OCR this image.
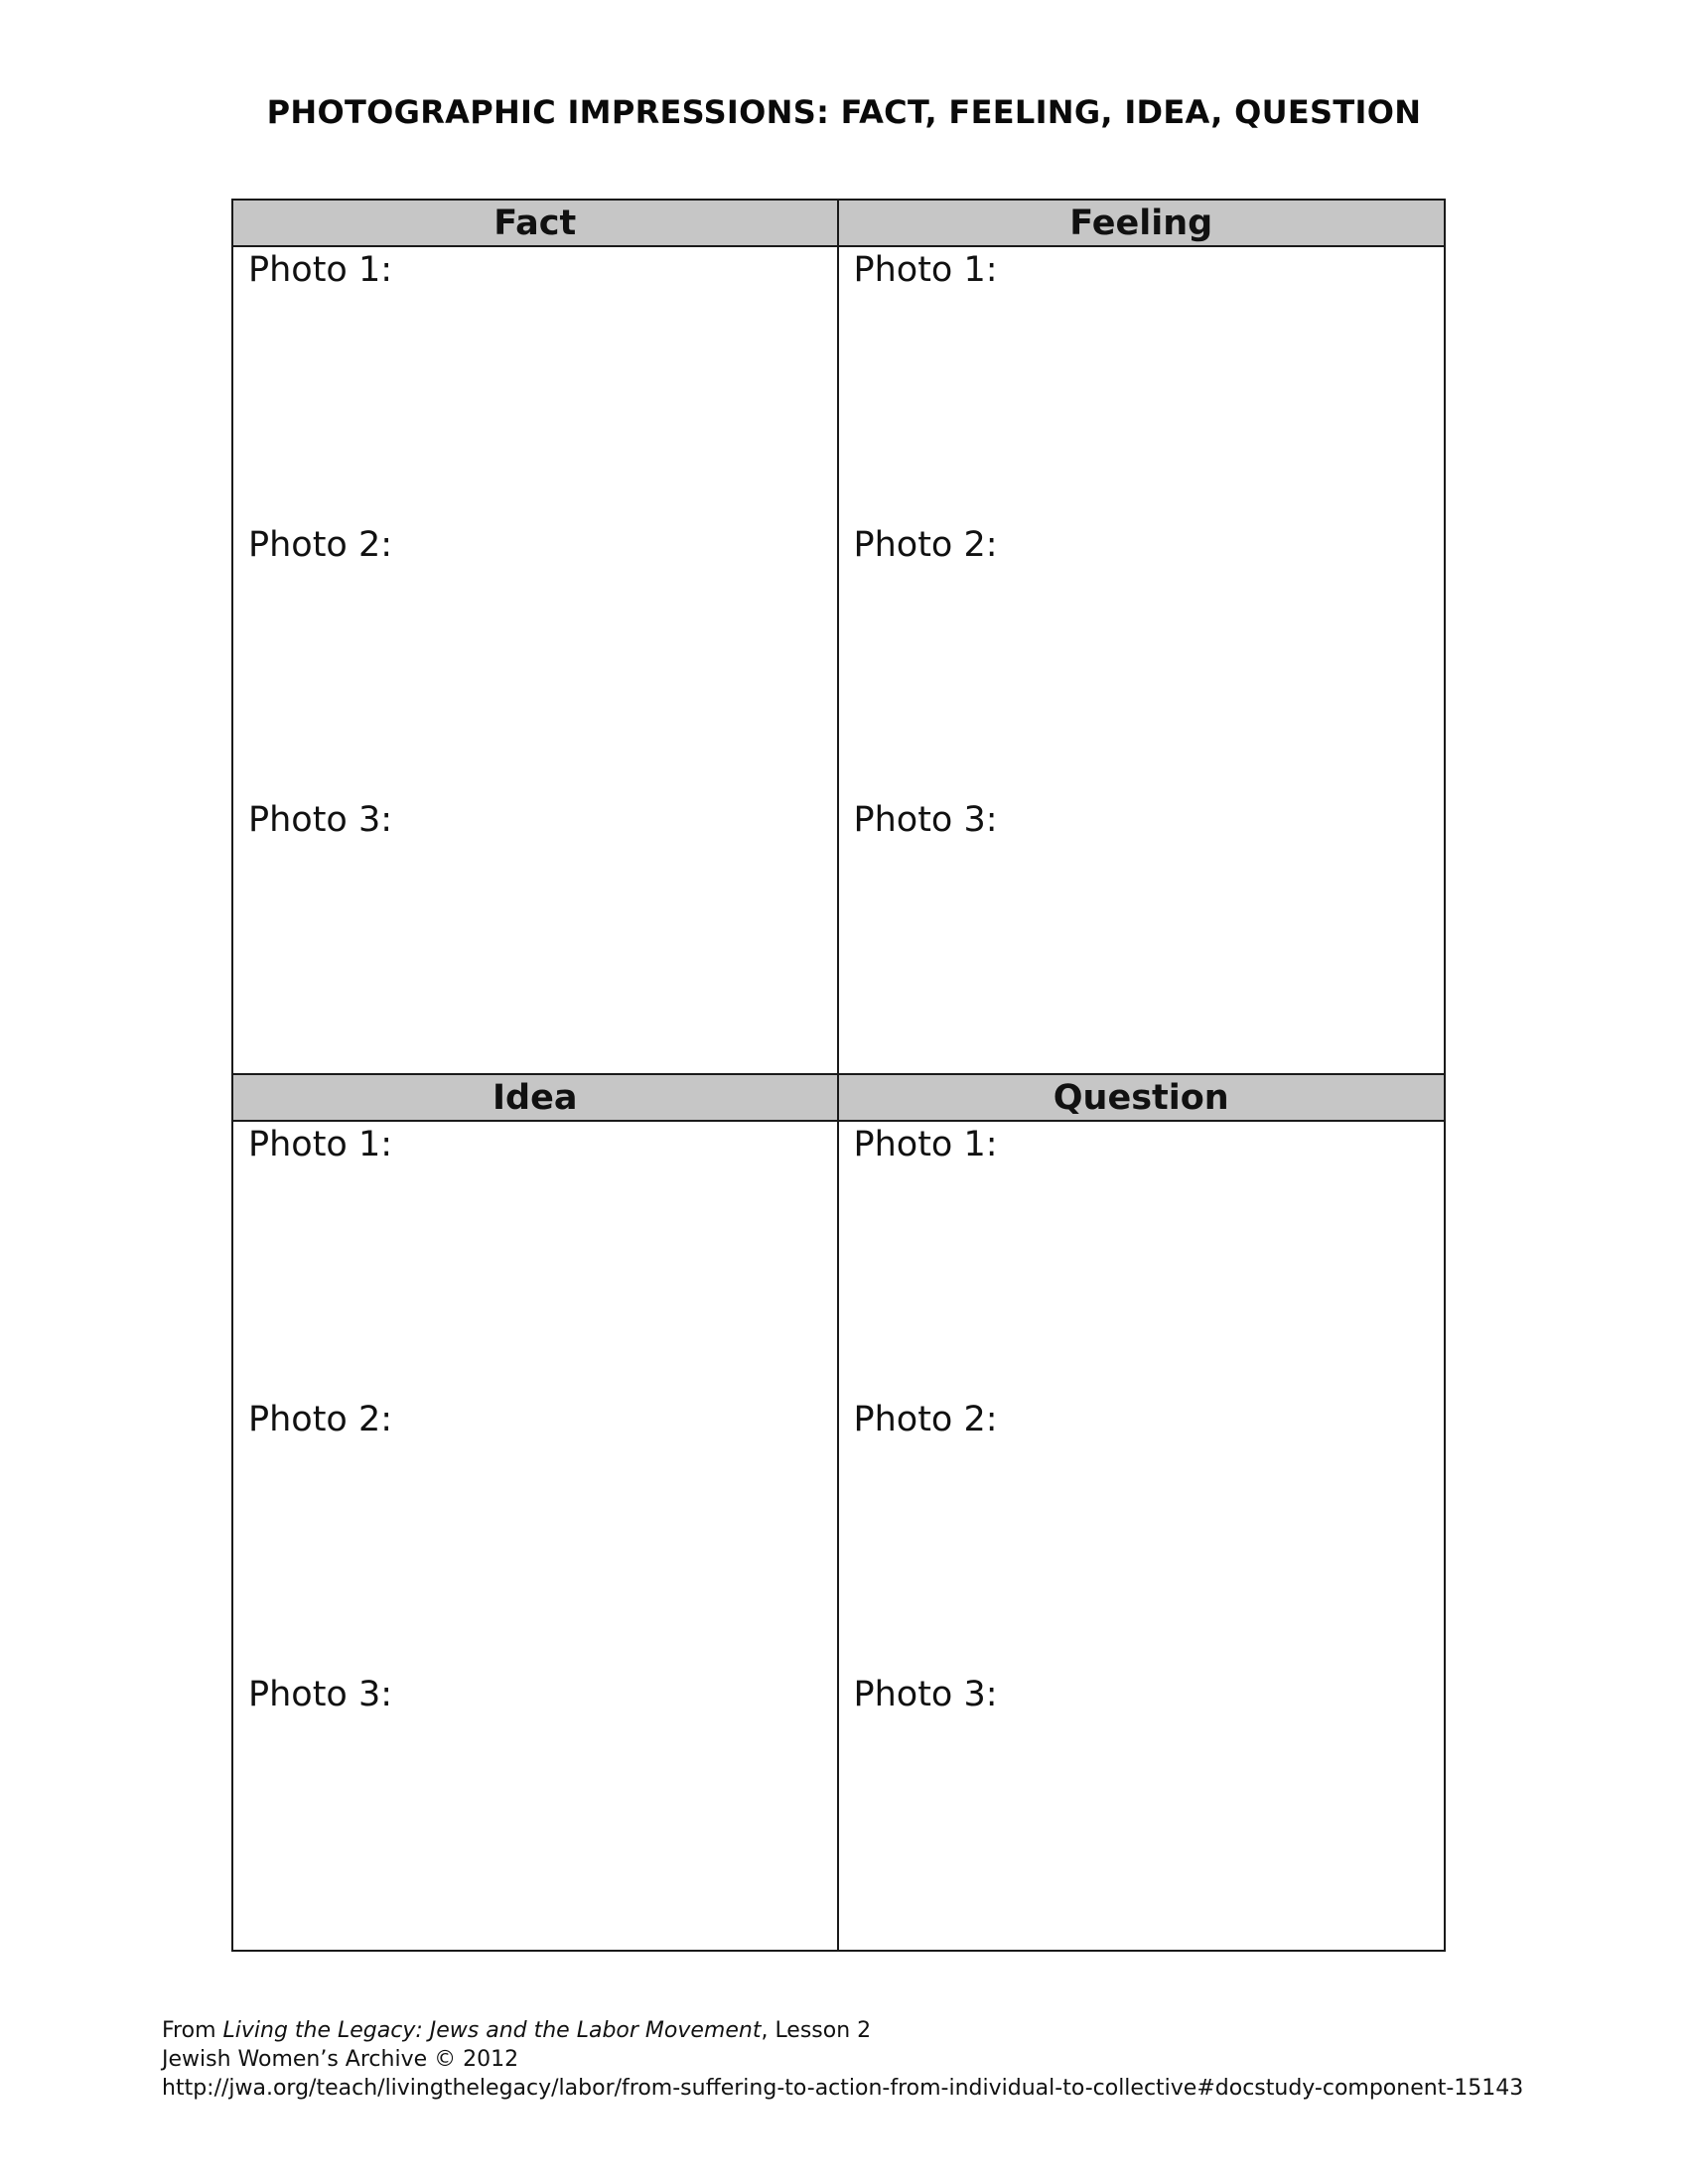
PHOTOGRAPHIC IMPRESSIONS: FACT, FEELING, IDEA, QUESTION
Fact
Photo 1:
Photo 2:
Photo 3:
Feeling
Photo 1:
Photo 2:
Photo 3:
Idea
Photo 1:
Photo 2:
Photo 3:
Question
Photo 1:
Photo 2:
Photo 3:
From Living the Legacy: Jews and the Labor Movement, Lesson 2
Jewish Women’s Archive © 2012
http://jwa.org/teach/livingthelegacy/labor/from-suffering-to-action-from-individual-to-collective#docstudy-component-15143
